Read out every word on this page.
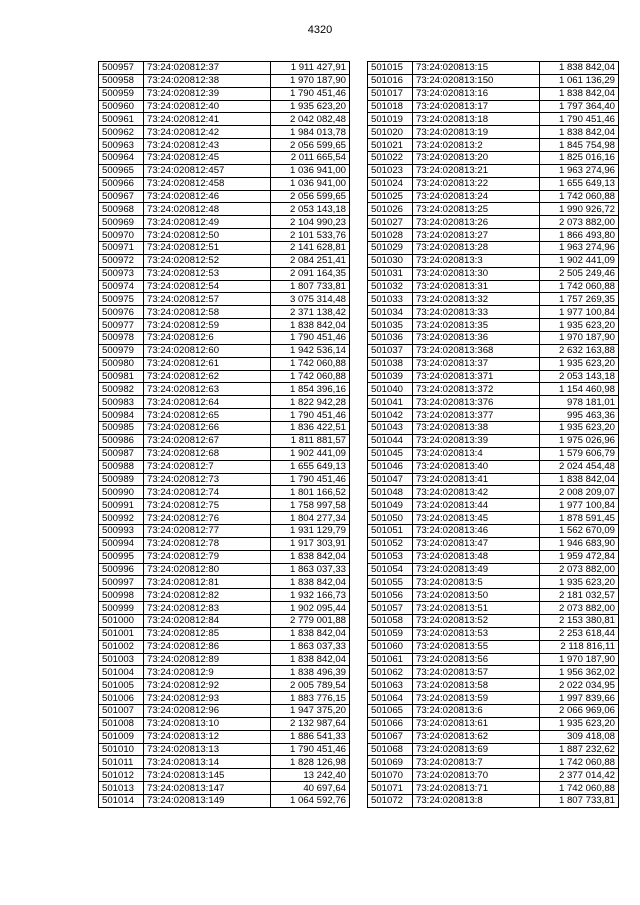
4320
500957	73:24:020812:37	1 911 427,91
500958	73:24:020812:38	1 970 187,90
500959	73:24:020812:39	1 790 451,46
500960	73:24:020812:40	1 935 623,20
500961	73:24:020812:41	2 042 082,48
500962	73:24:020812:42	1 984 013,78
500963	73:24:020812:43	2 056 599,65
500964	73:24:020812:45	2 011 665,54
500965	73:24:020812:457	1 036 941,00
500966	73:24:020812:458	1 036 941,00
500967	73:24:020812:46	2 056 599,65
500968	73:24:020812:48	2 053 143,18
500969	73:24:020812:49	2 104 990,23
500970	73:24:020812:50	2 101 533,76
500971	73:24:020812:51	2 141 628,81
500972	73:24:020812:52	2 084 251,41
500973	73:24:020812:53	2 091 164,35
500974	73:24:020812:54	1 807 733,81
500975	73:24:020812:57	3 075 314,48
500976	73:24:020812:58	2 371 138,42
500977	73:24:020812:59	1 838 842,04
500978	73:24:020812:6	1 790 451,46
500979	73:24:020812:60	1 942 536,14
500980	73:24:020812:61	1 742 060,88
500981	73:24:020812:62	1 742 060,88
500982	73:24:020812:63	1 854 396,16
500983	73:24:020812:64	1 822 942,28
500984	73:24:020812:65	1 790 451,46
500985	73:24:020812:66	1 836 422,51
500986	73:24:020812:67	1 811 881,57
500987	73:24:020812:68	1 902 441,09
500988	73:24:020812:7	1 655 649,13
500989	73:24:020812:73	1 790 451,46
500990	73:24:020812:74	1 801 166,52
500991	73:24:020812:75	1 758 997,58
500992	73:24:020812:76	1 804 277,34
500993	73:24:020812:77	1 931 129,79
500994	73:24:020812:78	1 917 303,91
500995	73:24:020812:79	1 838 842,04
500996	73:24:020812:80	1 863 037,33
500997	73:24:020812:81	1 838 842,04
500998	73:24:020812:82	1 932 166,73
500999	73:24:020812:83	1 902 095,44
501000	73:24:020812:84	2 779 001,88
501001	73:24:020812:85	1 838 842,04
501002	73:24:020812:86	1 863 037,33
501003	73:24:020812:89	1 838 842,04
501004	73:24:020812:9	1 838 496,39
501005	73:24:020812:92	2 005 789,54
501006	73:24:020812:93	1 883 776,15
501007	73:24:020812:96	1 947 375,20
501008	73:24:020813:10	2 132 987,64
501009	73:24:020813:12	1 886 541,33
501010	73:24:020813:13	1 790 451,46
501011	73:24:020813:14	1 828 126,98
501012	73:24:020813:145	13 242,40
501013	73:24:020813:147	40 697,64
501014	73:24:020813:149	1 064 592,76
501015	73:24:020813:15	1 838 842,04
501016	73:24:020813:150	1 061 136,29
501017	73:24:020813:16	1 838 842,04
501018	73:24:020813:17	1 797 364,40
501019	73:24:020813:18	1 790 451,46
501020	73:24:020813:19	1 838 842,04
501021	73:24:020813:2	1 845 754,98
501022	73:24:020813:20	1 825 016,16
501023	73:24:020813:21	1 963 274,96
501024	73:24:020813:22	1 655 649,13
501025	73:24:020813:24	1 742 060,88
501026	73:24:020813:25	1 990 926,72
501027	73:24:020813:26	2 073 882,00
501028	73:24:020813:27	1 866 493,80
501029	73:24:020813:28	1 963 274,96
501030	73:24:020813:3	1 902 441,09
501031	73:24:020813:30	2 505 249,46
501032	73:24:020813:31	1 742 060,88
501033	73:24:020813:32	1 757 269,35
501034	73:24:020813:33	1 977 100,84
501035	73:24:020813:35	1 935 623,20
501036	73:24:020813:36	1 970 187,90
501037	73:24:020813:368	2 632 163,88
501038	73:24:020813:37	1 935 623,20
501039	73:24:020813:371	2 053 143,18
501040	73:24:020813:372	1 154 460,98
501041	73:24:020813:376	978 181,01
501042	73:24:020813:377	995 463,36
501043	73:24:020813:38	1 935 623,20
501044	73:24:020813:39	1 975 026,96
501045	73:24:020813:4	1 579 606,79
501046	73:24:020813:40	2 024 454,48
501047	73:24:020813:41	1 838 842,04
501048	73:24:020813:42	2 008 209,07
501049	73:24:020813:44	1 977 100,84
501050	73:24:020813:45	1 878 591,45
501051	73:24:020813:46	1 562 670,09
501052	73:24:020813:47	1 946 683,90
501053	73:24:020813:48	1 959 472,84
501054	73:24:020813:49	2 073 882,00
501055	73:24:020813:5	1 935 623,20
501056	73:24:020813:50	2 181 032,57
501057	73:24:020813:51	2 073 882,00
501058	73:24:020813:52	2 153 380,81
501059	73:24:020813:53	2 253 618,44
501060	73:24:020813:55	2 118 816,11
501061	73:24:020813:56	1 970 187,90
501062	73:24:020813:57	1 956 362,02
501063	73:24:020813:58	2 022 034,95
501064	73:24:020813:59	1 997 839,66
501065	73:24:020813:6	2 066 969,06
501066	73:24:020813:61	1 935 623,20
501067	73:24:020813:62	309 418,08
501068	73:24:020813:69	1 887 232,62
501069	73:24:020813:7	1 742 060,88
501070	73:24:020813:70	2 377 014,42
501071	73:24:020813:71	1 742 060,88
501072	73:24:020813:8	1 807 733,81
